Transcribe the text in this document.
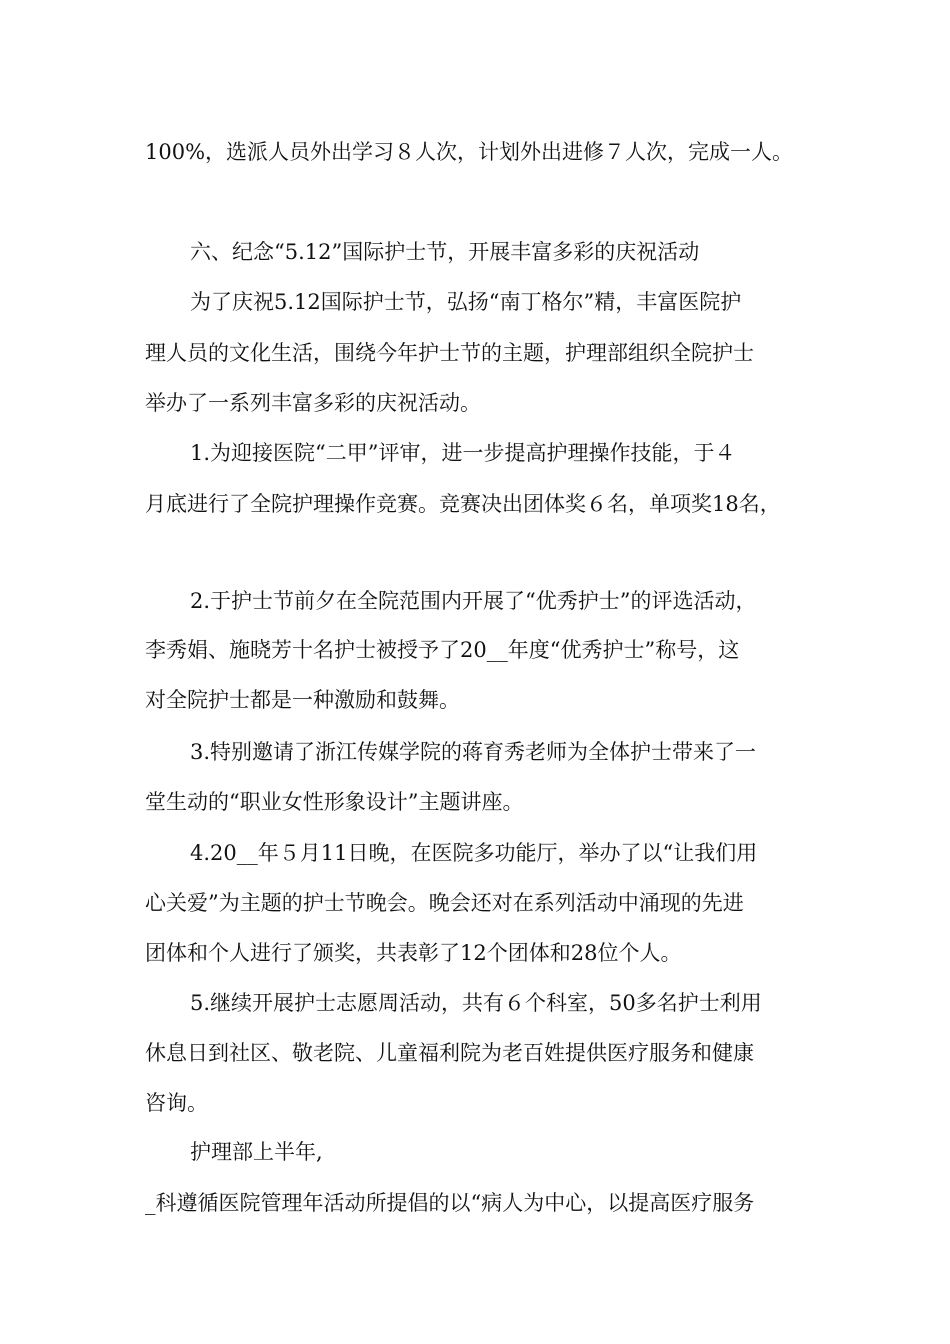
100%，选派人员外出学习８人次，计划外出进修７人次，完成一人。
六、纪念“5.12”国际护士节，开展丰富多彩的庆祝活动
为了庆祝5.12国际护士节，弘扬“南丁格尔”精，丰富医院护
理人员的文化生活，围绕今年护士节的主题，护理部组织全院护士
举办了一系列丰富多彩的庆祝活动。
1.为迎接医院“二甲”评审，进一步提高护理操作技能，于４
月底进行了全院护理操作竞赛。竞赛决出团体奖６名，单项奖18名，
2.于护士节前夕在全院范围内开展了“优秀护士”的评选活动，
李秀娟、施晓芳十名护士被授予了20__年度“优秀护士”称号，这
对全院护士都是一种激励和鼓舞。
3.特别邀请了浙江传媒学院的蒋育秀老师为全体护士带来了一
堂生动的“职业女性形象设计”主题讲座。
4.20__年５月11日晚，在医院多功能厅，举办了以“让我们用
心关爱”为主题的护士节晚会。晚会还对在系列活动中涌现的先进
团体和个人进行了颁奖，共表彰了12个团体和28位个人。
5.继续开展护士志愿周活动，共有６个科室，50多名护士利用
休息日到社区、敬老院、儿童福利院为老百姓提供医疗服务和健康
咨询。
护理部上半年,
_科遵循医院管理年活动所提倡的以“病人为中心，以提高医疗服务
